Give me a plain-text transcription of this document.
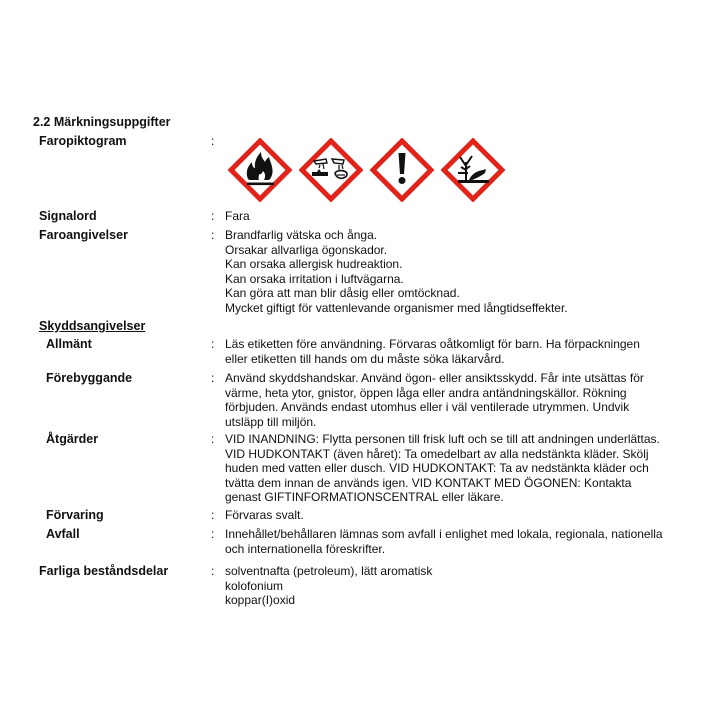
2.2 Märkningsuppgifter
Faropiktogram	:
Signalord	: Fara
Faroangivelser	: Brandfarlig vätska och ånga.
Orsakar allvarliga ögonskador.
Kan orsaka allergisk hudreaktion.
Kan orsaka irritation i luftvägarna.
Kan göra att man blir dåsig eller omtöcknad.
Mycket giftigt för vattenlevande organismer med långtidseffekter.
Skyddsangivelser
Allmänt	: Läs etiketten före användning. Förvaras oåtkomligt för barn. Ha förpackningen
eller etiketten till hands om du måste söka läkarvård.
Förebyggande	: Använd skyddshandskar. Använd ögon- eller ansiktsskydd. Får inte utsättas för
värme, heta ytor, gnistor, öppen låga eller andra antändningskällor. Rökning
förbjuden. Används endast utomhus eller i väl ventilerade utrymmen. Undvik
utsläpp till miljön.
Åtgärder	: VID INANDNING: Flytta personen till frisk luft och se till att andningen underlättas.
VID HUDKONTAKT (även håret): Ta omedelbart av alla nedstänkta kläder. Skölj
huden med vatten eller dusch. VID HUDKONTAKT: Ta av nedstänkta kläder och
tvätta dem innan de används igen. VID KONTAKT MED ÖGONEN: Kontakta
genast GIFTINFORMATIONSCENTRAL eller läkare.
Förvaring	: Förvaras svalt.
Avfall	: Innehållet/behållaren lämnas som avfall i enlighet med lokala, regionala, nationella
och internationella föreskrifter.
Farliga beståndsdelar	: solventnafta (petroleum), lätt aromatisk
kolofonium
koppar(I)oxid
